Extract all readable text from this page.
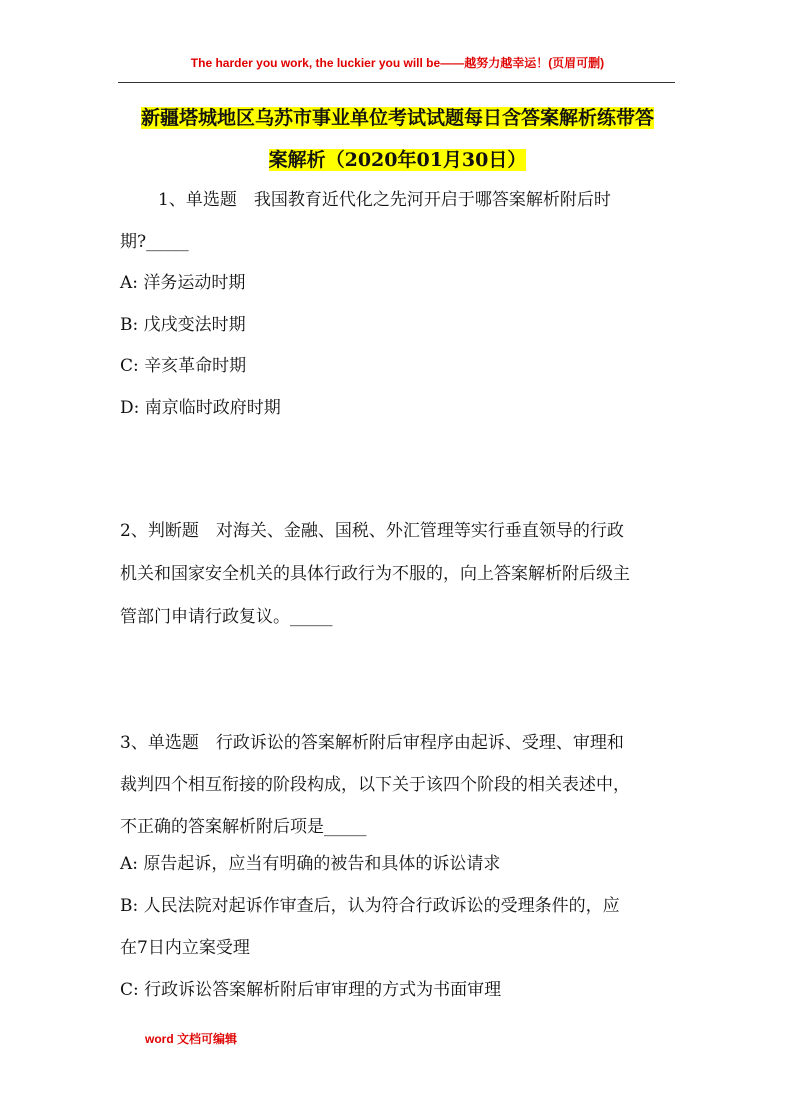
The harder you work, the luckier you will be——越努力越幸运！(页眉可删)
新疆塔城地区乌苏市事业单位考试试题每日含答案解析练带答
案解析（2020年01月30日）
1、单选题　我国教育近代化之先河开启于哪答案解析附后时
期?_____
A: 洋务运动时期
B: 戊戌变法时期
C: 辛亥革命时期
D: 南京临时政府时期
2、判断题　对海关、金融、国税、外汇管理等实行垂直领导的行政
机关和国家安全机关的具体行政行为不服的，向上答案解析附后级主
管部门申请行政复议。_____
3、单选题　行政诉讼的答案解析附后审程序由起诉、受理、审理和
裁判四个相互衔接的阶段构成，以下关于该四个阶段的相关表述中，
不正确的答案解析附后项是_____
A: 原告起诉，应当有明确的被告和具体的诉讼请求
B: 人民法院对起诉作审查后，认为符合行政诉讼的受理条件的，应
在7日内立案受理
C: 行政诉讼答案解析附后审审理的方式为书面审理
word 文档可编辑
